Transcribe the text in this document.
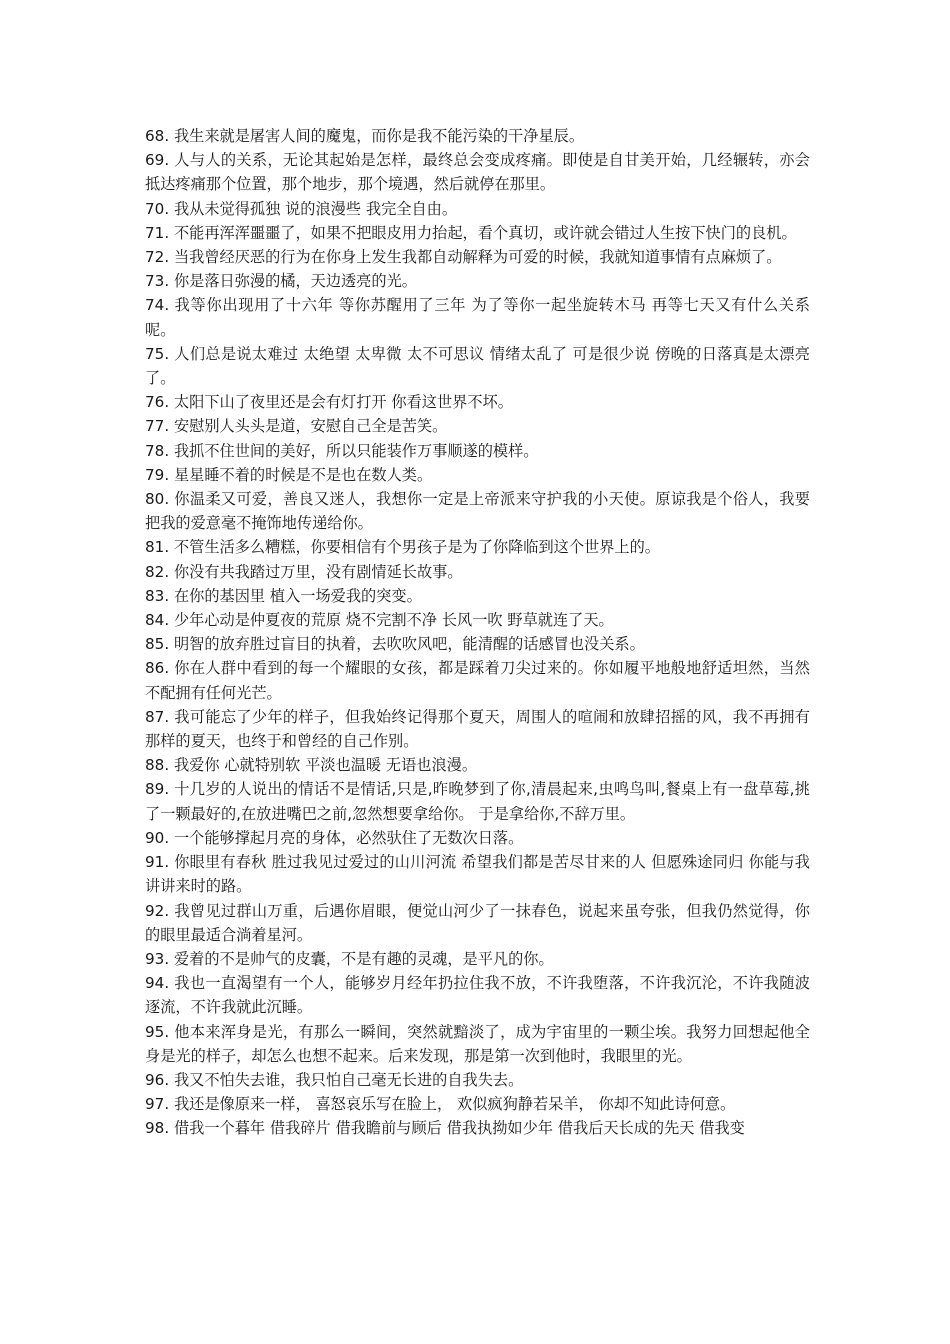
68. 我生来就是屠害人间的魔鬼，而你是我不能污染的干净星辰。

69. 人与人的关系，无论其起始是怎样，最终总会变成疼痛。即使是自甘美开始，几经辗转，亦会抵达疼痛那个位置，那个地步，那个境遇，然后就停在那里。

70. 我从未觉得孤独 说的浪漫些 我完全自由。

71. 不能再浑浑噩噩了，如果不把眼皮用力抬起，看个真切，或许就会错过人生按下快门的良机。

72. 当我曾经厌恶的行为在你身上发生我都自动解释为可爱的时候，我就知道事情有点麻烦了。

73. 你是落日弥漫的橘，天边透亮的光。

74. 我等你出现用了十六年 等你苏醒用了三年 为了等你一起坐旋转木马 再等七天又有什么关系呢。

75. 人们总是说太难过 太绝望 太卑微 太不可思议 情绪太乱了 可是很少说 傍晚的日落真是太漂亮了。

76. 太阳下山了夜里还是会有灯打开 你看这世界不坏。

77. 安慰别人头头是道，安慰自己全是苦笑。

78. 我抓不住世间的美好，所以只能装作万事顺遂的模样。

79. 星星睡不着的时候是不是也在数人类。

80. 你温柔又可爱，善良又迷人，我想你一定是上帝派来守护我的小天使。原谅我是个俗人，我要把我的爱意毫不掩饰地传递给你。

81. 不管生活多么糟糕，你要相信有个男孩子是为了你降临到这个世界上的。

82. 你没有共我踏过万里，没有剧情延长故事。

83. 在你的基因里 植入一场爱我的突变。

84. 少年心动是仲夏夜的荒原 烧不完割不净 长风一吹 野草就连了天。

85. 明智的放弃胜过盲目的执着，去吹吹风吧，能清醒的话感冒也没关系。

86. 你在人群中看到的每一个耀眼的女孩，都是踩着刀尖过来的。你如履平地般地舒适坦然，当然不配拥有任何光芒。

87. 我可能忘了少年的样子，但我始终记得那个夏天，周围人的喧闹和放肆招摇的风，我不再拥有那样的夏天，也终于和曾经的自己作别。

88. 我爱你 心就特别软 平淡也温暖 无语也浪漫。

89. 十几岁的人说出的情话不是情话,只是,昨晚梦到了你,清晨起来,虫鸣鸟叫,餐桌上有一盘草莓,挑了一颗最好的,在放进嘴巴之前,忽然想要拿给你。 于是拿给你,不辞万里。

90. 一个能够撑起月亮的身体，必然驮住了无数次日落。

91. 你眼里有春秋 胜过我见过爱过的山川河流 希望我们都是苦尽甘来的人 但愿殊途同归 你能与我讲讲来时的路。

92. 我曾见过群山万重，后遇你眉眼，便觉山河少了一抹春色，说起来虽夸张，但我仍然觉得，你的眼里最适合淌着星河。

93. 爱着的不是帅气的皮囊，不是有趣的灵魂，是平凡的你。

94. 我也一直渴望有一个人，能够岁月经年扔拉住我不放，不许我堕落，不许我沉沦，不许我随波逐流，不许我就此沉睡。

95. 他本来浑身是光，有那么一瞬间，突然就黯淡了，成为宇宙里的一颗尘埃。我努力回想起他全身是光的样子，却怎么也想不起来。后来发现，那是第一次到他时，我眼里的光。

96. 我又不怕失去谁，我只怕自己毫无长进的自我失去。

97. 我还是像原来一样， 喜怒哀乐写在脸上， 欢似疯狗静若呆羊， 你却不知此诗何意。

98. 借我一个暮年 借我碎片 借我瞻前与顾后 借我执拗如少年 借我后天长成的先天 借我变
